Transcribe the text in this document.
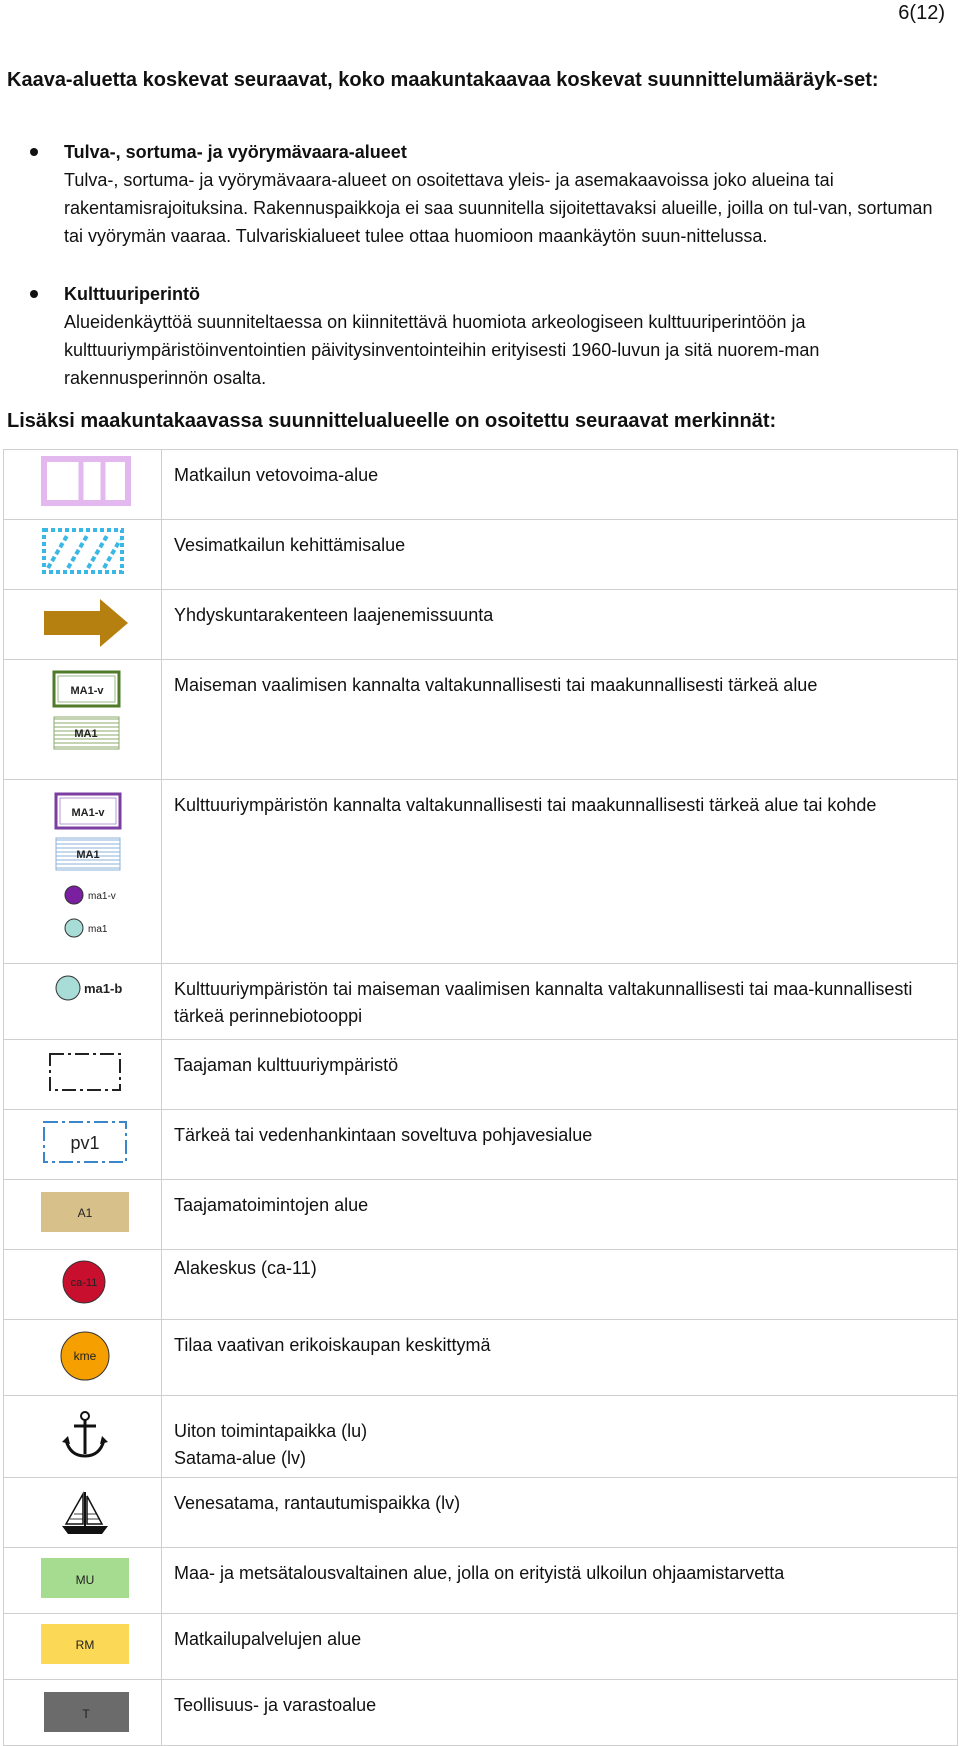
6(12)
Kaava-aluetta koskevat seuraavat, koko maakuntakaavaa koskevat suunnittelumääräyk-set:
Tulva-, sortuma- ja vyörymävaara-alueet
Tulva-, sortuma- ja vyörymävaara-alueet on osoitettava yleis- ja asemakaavoissa joko alueina tai rakentamisrajoituksina. Rakennuspaikkoja ei saa suunnitella sijoitettavaksi alueille, joilla on tul-van, sortuman tai vyörymän vaaraa. Tulvariskialueet tulee ottaa huomioon maankäytön suun-nittelussa.
Kulttuuriperintö
Alueidenkäyttöä suunniteltaessa on kiinnitettävä huomiota arkeologiseen kulttuuriperintöön ja kulttuuriympäristöinventointien päivitysinventointeihin erityisesti 1960-luvun ja sitä nuorem-man rakennusperinnön osalta.
Lisäksi maakuntakaavassa suunnittelualueelle on osoitettu seuraavat merkinnät:
	Matkailun vetovoima-alue
	Vesimatkailun kehittämisalue
	Yhdyskuntarakenteen laajenemissuunta

MA1-v
MA1	Maiseman vaalimisen kannalta valtakunnallisesti tai maakunnallisesti tärkeä alue

MA1-v
MA1
ma1-v
ma1	Kulttuuriympäristön kannalta valtakunnallisesti tai maakunnallisesti tärkeä alue tai kohde

ma1-b	Kulttuuriympäristön tai maiseman vaalimisen kannalta valtakunnallisesti tai maa-kunnallisesti tärkeä perinnebiotooppi
	Taajaman kulttuuriympäristö

pv1	Tärkeä tai vedenhankintaan soveltuva pohjavesialue

A1	Taajamatoimintojen alue

ca-11	Alakeskus (ca-11)

kme	Tilaa vaativan erikoiskaupan keskittymä

Uiton toimintapaikka (lu)
Satama-alue (lv)

	Venesatama, rantautumispaikka (lv)

MU	Maa- ja metsätalousvaltainen alue, jolla on erityistä ulkoilun ohjaamistarvetta

RM	Matkailupalvelujen alue

T	Teollisuus- ja varastoalue
